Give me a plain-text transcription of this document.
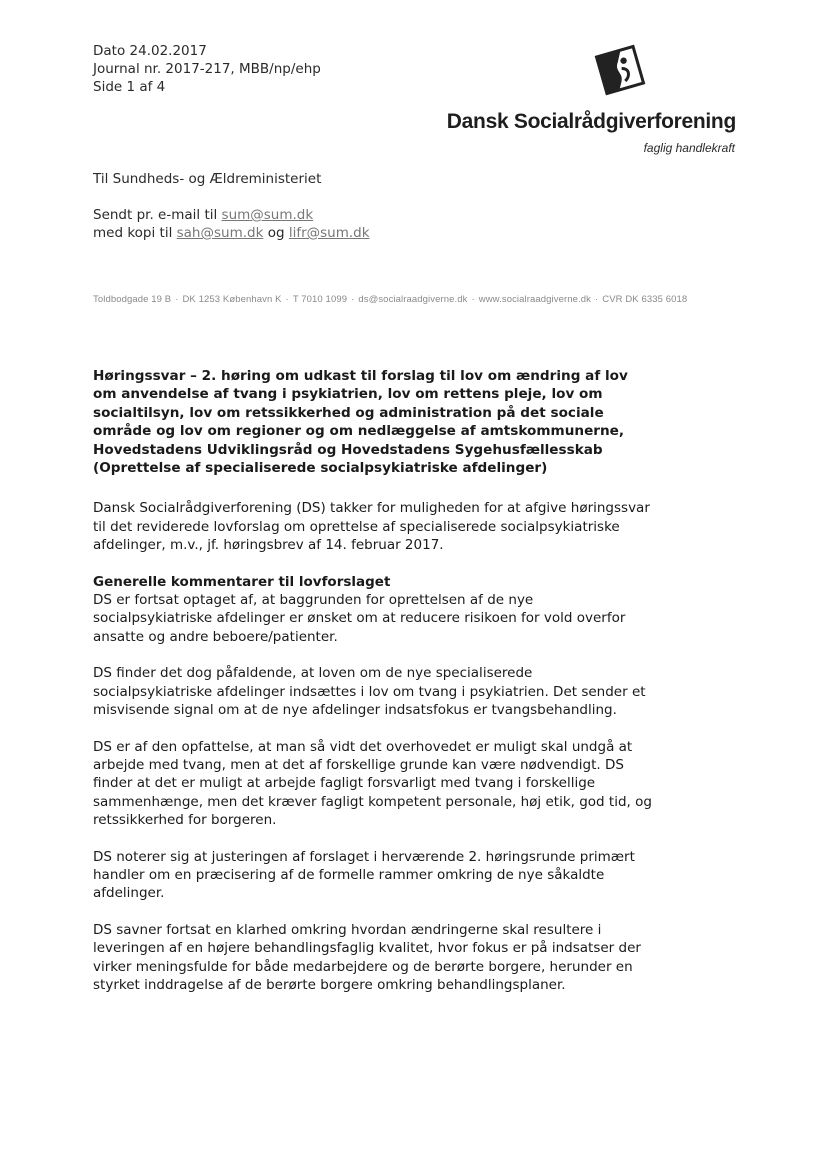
Dato 24.02.2017
Journal nr. 2017-217, MBB/np/ehp
Side 1 af 4
Dansk Socialrådgiverforening
faglig handlekraft
Til Sundheds- og Ældreministeriet
Sendt pr. e-mail til sum@sum.dk
med kopi til sah@sum.dk og lifr@sum.dk
Toldbodgade 19 B · DK 1253 København K · T 7010 1099 · ds@socialraadgiverne.dk · www.socialraadgiverne.dk · CVR DK 6335 6018

Høringssvar – 2. høring om udkast til forslag til lov om ændring af lov om anvendelse af tvang i psykiatrien, lov om rettens pleje, lov om socialtilsyn, lov om retssikkerhed og administration på det sociale område og lov om regioner og om nedlæggelse af amtskommunerne, Hovedstadens Udviklingsråd og Hovedstadens Sygehusfællesskab (Oprettelse af specialiserede socialpsykiatriske afdelinger)

Dansk Socialrådgiverforening (DS) takker for muligheden for at afgive høringssvar til det reviderede lovforslag om oprettelse af specialiserede socialpsykiatriske afdelinger, m.v., jf. høringsbrev af 14. februar 2017.

Generelle kommentarer til lovforslaget

DS er fortsat optaget af, at baggrunden for oprettelsen af de nye socialpsykiatriske afdelinger er ønsket om at reducere risikoen for vold overfor ansatte og andre beboere/patienter.

DS finder det dog påfaldende, at loven om de nye specialiserede socialpsykiatriske afdelinger indsættes i lov om tvang i psykiatrien. Det sender et misvisende signal om at de nye afdelinger indsatsfokus er tvangsbehandling.

DS er af den opfattelse, at man så vidt det overhovedet er muligt skal undgå at arbejde med tvang, men at det af forskellige grunde kan være nødvendigt. DS finder at det er muligt at arbejde fagligt forsvarligt med tvang i forskellige sammenhænge, men det kræver fagligt kompetent personale, høj etik, god tid, og retssikkerhed for borgeren.

DS noterer sig at justeringen af forslaget i herværende 2. høringsrunde primært handler om en præcisering af de formelle rammer omkring de nye såkaldte afdelinger.

DS savner fortsat en klarhed omkring hvordan ændringerne skal resultere i leveringen af en højere behandlingsfaglig kvalitet, hvor fokus er på indsatser der virker meningsfulde for både medarbejdere og de berørte borgere, herunder en styrket inddragelse af de berørte borgere omkring behandlingsplaner.
